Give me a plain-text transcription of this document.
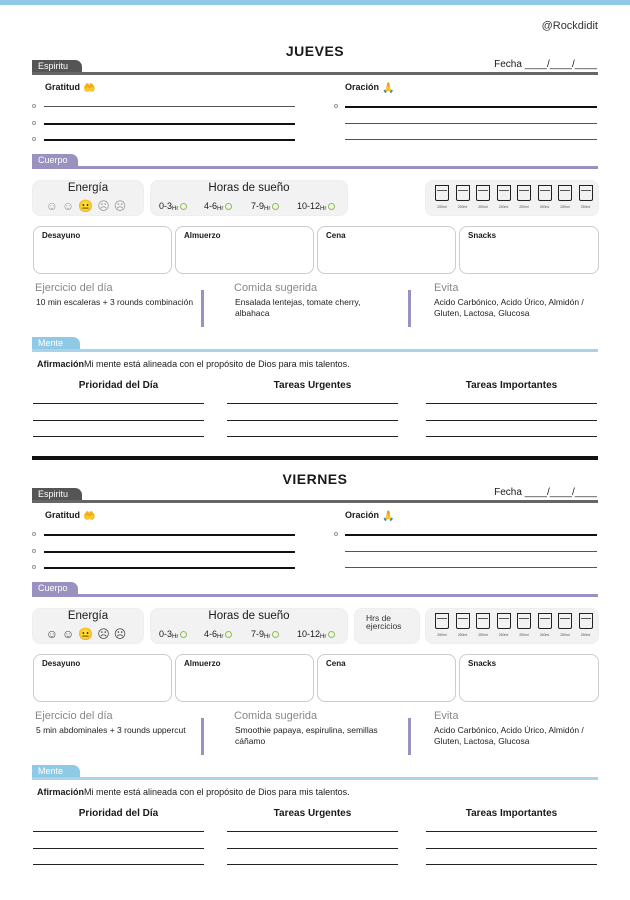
@Rockdidit
JUEVES
Espiritu	Fecha ____/____/____
Gratitud 🤲	Oración 🙏
Cuerpo
Energía
☺☺😐☹☹
Horas de sueño
$0-3_{Hr}$	$4-6_{Hr}$	$7-9_{Hr}$	$10-12_{Hr}$	250ml	250ml	250ml	250ml	250ml	250ml	250ml	250ml
Desayuno	Almuerzo	Cena	Snacks
Ejercicio del día
10 min escaleras + 3 rounds combinación
Comida sugerida
Ensalada lentejas, tomate cherry, albahaca
Evita
Acido Carbónico, Acido Úrico, Almidón / Gluten, Lactosa, Glucosa
Mente
AfirmaciónMi mente está alineada con el propósito de Dios para mis talentos.
Prioridad del Día	Tareas Urgentes	Tareas Importantes
VIERNES
Espiritu	Fecha ____/____/____
Gratitud 🤲	Oración 🙏
Cuerpo
Energía
☺☺😐☹☹
Horas de sueño
$0-3_{Hr}$	$4-6_{Hr}$	$7-9_{Hr}$	$10-12_{Hr}$
Hrs de ejercicios
250ml	250ml	250ml	250ml	250ml	250ml	250ml	250ml
Desayuno	Almuerzo	Cena	Snacks
Ejercicio del día
5 min abdominales + 3 rounds uppercut
Comida sugerida
Smoothie papaya, espirulina, semillas cáñamo
Evita
Acido Carbónico, Acido Úrico, Almidón / Gluten, Lactosa, Glucosa
Mente
AfirmaciónMi mente está alineada con el propósito de Dios para mis talentos.
Prioridad del Día	Tareas Urgentes	Tareas Importantes
